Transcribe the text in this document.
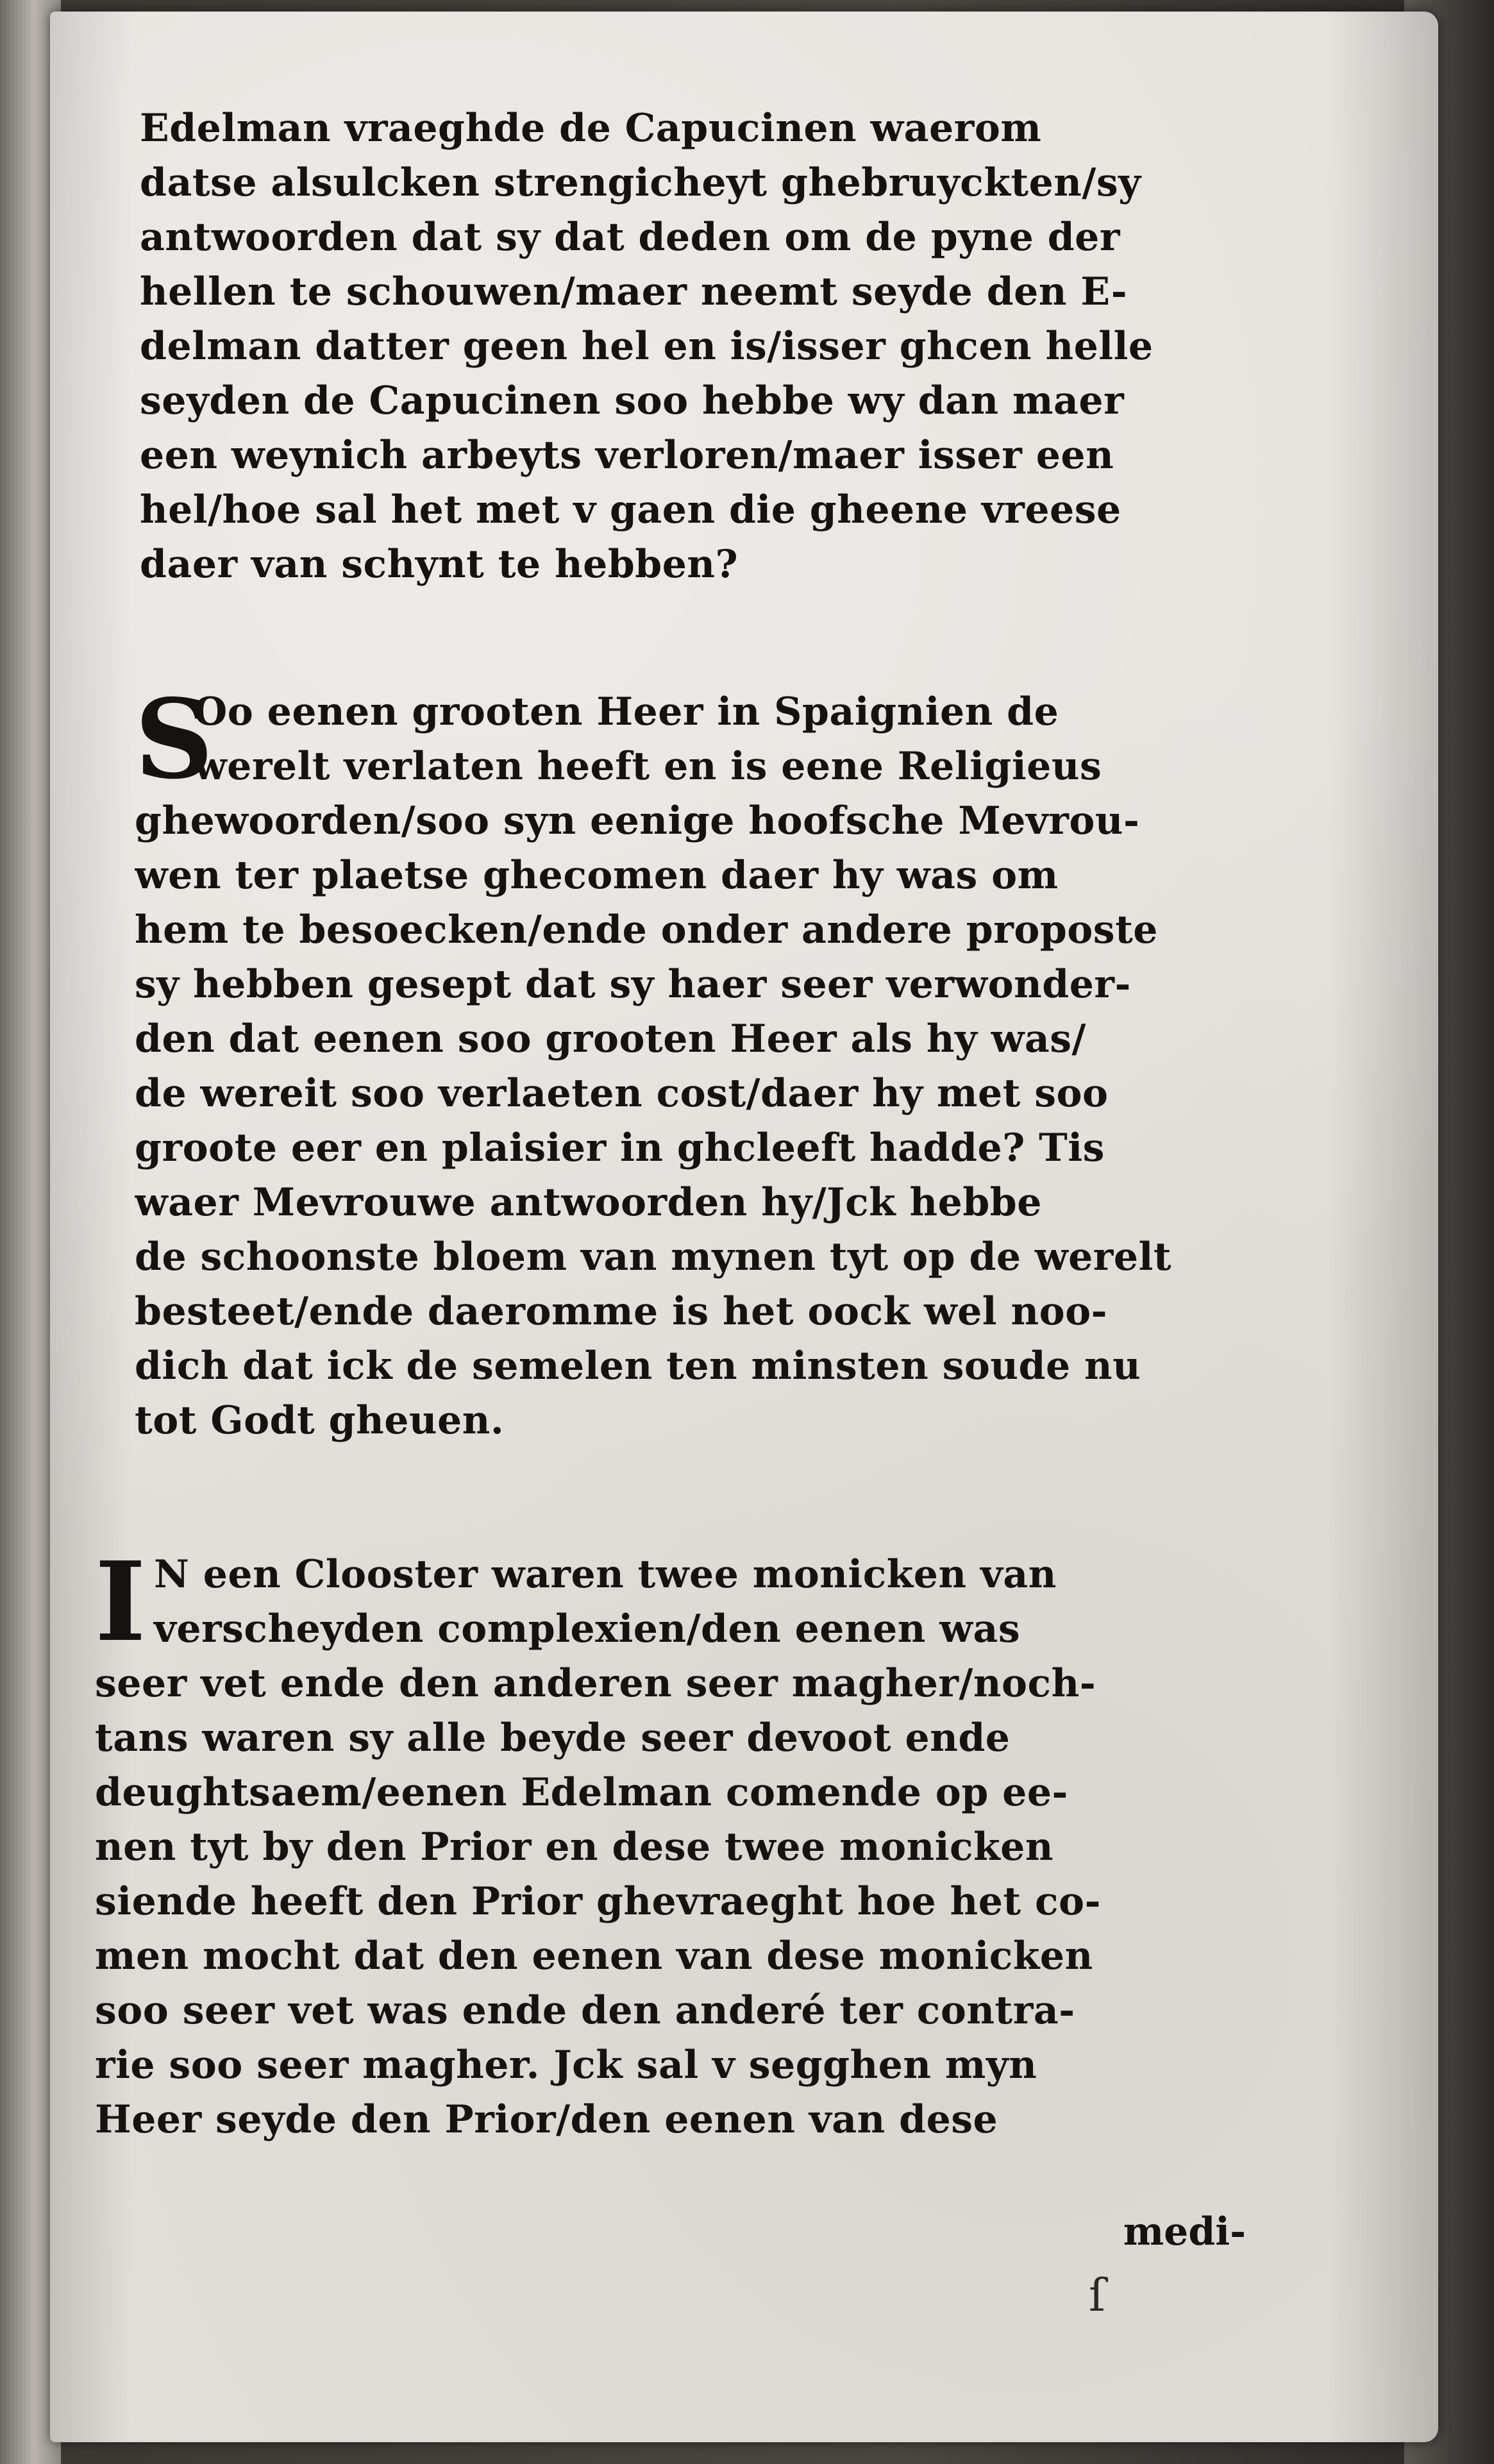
Edelman vraeghde de Capucinen waerom
datse alsulcken strengicheyt ghebruyckten/sy
antwoorden dat sy dat deden om de pyne der
hellen te schouwen/maer neemt seyde den E-
delman datter geen hel en is/isser ghcen helle
seyden de Capucinen soo hebbe wy dan maer
een weynich arbeyts verloren/maer isser een
hel/hoe sal het met v gaen die gheene vreese
daer van schynt te hebben?
S
Oo eenen grooten Heer in Spaignien de
werelt verlaten heeft en is eene Religieus
ghewoorden/soo syn eenige hoofsche Mevrou-
wen ter plaetse ghecomen daer hy was om
hem te besoecken/ende onder andere proposte
sy hebben gesept dat sy haer seer verwonder-
den dat eenen soo grooten Heer als hy was/
de wereit soo verlaeten cost/daer hy met soo
groote eer en plaisier in ghcleeft hadde? Tis
waer Mevrouwe antwoorden hy/Jck hebbe
de schoonste bloem van mynen tyt op de werelt
besteet/ende daeromme is het oock wel noo-
dich dat ick de semelen ten minsten soude nu
tot Godt gheuen.
I N een Clooster waren twee monicken van
verscheyden complexien/den eenen was
seer vet ende den anderen seer magher/noch-
tans waren sy alle beyde seer devoot ende
deughtsaem/eenen Edelman comende op ee-
nen tyt by den Prior en dese twee monicken
siende heeft den Prior ghevraeght hoe het co-
men mocht dat den eenen van dese monicken
soo seer vet was ende den anderé ter contra-
rie soo seer magher. Jck sal v segghen myn
Heer seyde den Prior/den eenen van dese
medi-
ſ
